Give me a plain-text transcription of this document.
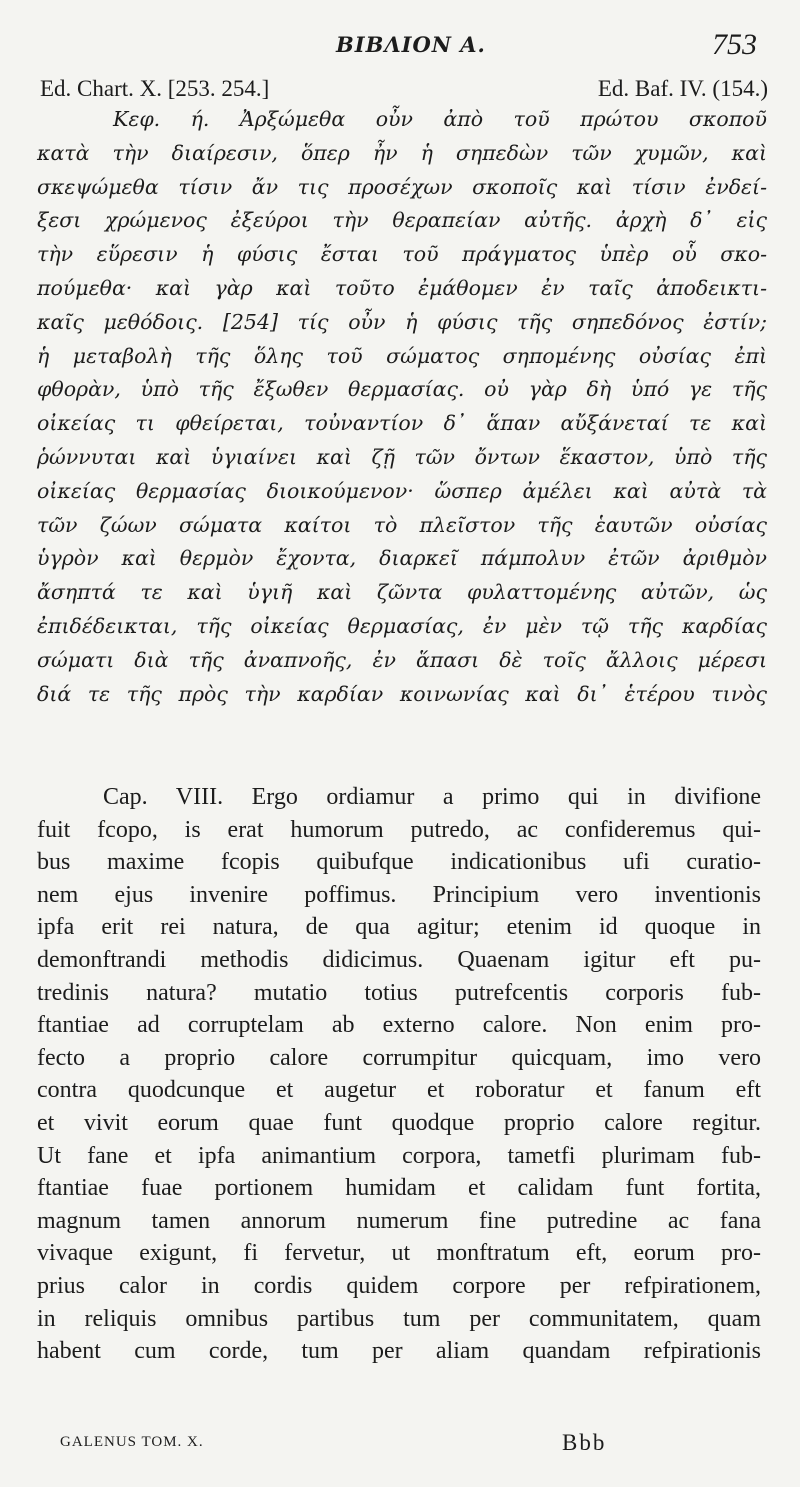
BIBΛΙΟΝ Α.	753
Ed. Chart. X. [253. 254.]	Ed. Baf. IV. (154.)
Κεφ. ή. Ἀρξώμεθα οὖν ἀπὸ τοῦ πρώτου σκοποῦ
κατὰ τὴν διαίρεσιν, ὅπερ ἦν ἡ σηπεδὼν τῶν χυμῶν, καὶ
σκεψώμεθα τίσιν ἄν τις προσέχων σκοποῖς καὶ τίσιν ἐνδεί-
ξεσι χρώμενος ἐξεύροι τὴν θεραπείαν αὐτῆς. ἀρχὴ δ᾽ εἰς
τὴν εὕρεσιν ἡ φύσις ἔσται τοῦ πράγματος ὑπὲρ οὗ σκο-
πούμεθα· καὶ γὰρ καὶ τοῦτο ἐμάθομεν ἐν ταῖς ἀποδεικτι-
καῖς μεθόδοις. [254] τίς οὖν ἡ φύσις τῆς σηπεδόνος ἐστίν;
ἡ μεταβολὴ τῆς ὅλης τοῦ σώματος σηπομένης οὐσίας ἐπὶ
φθορὰν, ὑπὸ τῆς ἔξωθεν θερμασίας. οὐ γὰρ δὴ ὑπό γε τῆς
οἰκείας τι φθείρεται, τοὐναντίον δ᾽ ἅπαν αὔξάνεταί τε καὶ
ῥώννυται καὶ ὑγιαίνει καὶ ζῇ τῶν ὄντων ἕκαστον, ὑπὸ τῆς
οἰκείας θερμασίας διοικούμενον· ὥσπερ ἀμέλει καὶ αὐτὰ τὰ
τῶν ζώων σώματα καίτοι τὸ πλεῖστον τῆς ἑαυτῶν οὐσίας
ὑγρὸν καὶ θερμὸν ἔχοντα, διαρκεῖ πάμπολυν ἐτῶν ἀριθμὸν
ἄσηπτά τε καὶ ὑγιῆ καὶ ζῶντα φυλαττομένης αὐτῶν, ὡς
ἐπιδέδεικται, τῆς οἰκείας θερμασίας, ἐν μὲν τῷ τῆς καρδίας
σώματι διὰ τῆς ἀναπνοῆς, ἐν ἅπασι δὲ τοῖς ἄλλοις μέρεσι
διά τε τῆς πρὸς τὴν καρδίαν κοινωνίας καὶ δι᾽ ἑτέρου τινὸς
Cap. VIII. Ergo ordiamur a primo qui in divifione
fuit fcopo, is erat humorum putredo, ac confideremus qui-
bus maxime fcopis quibufque indicationibus ufi curatio-
nem ejus invenire poffimus. Principium vero inventionis
ipfa erit rei natura, de qua agitur; etenim id quoque in
demonftrandi methodis didicimus. Quaenam igitur eft pu-
tredinis natura? mutatio totius putrefcentis corporis fub-
ftantiae ad corruptelam ab externo calore. Non enim pro-
fecto a proprio calore corrumpitur quicquam, imo vero
contra quodcunque et augetur et roboratur et fanum eft
et vivit eorum quae funt quodque proprio calore regitur.
Ut fane et ipfa animantium corpora, tametfi plurimam fub-
ftantiae fuae portionem humidam et calidam funt fortita,
magnum tamen annorum numerum fine putredine ac fana
vivaque exigunt, fi fervetur, ut monftratum eft, eorum pro-
prius calor in cordis quidem corpore per refpirationem,
in reliquis omnibus partibus tum per communitatem, quam
habent cum corde, tum per aliam quandam refpirationis
GALENUS TOM. X.	Bbb
